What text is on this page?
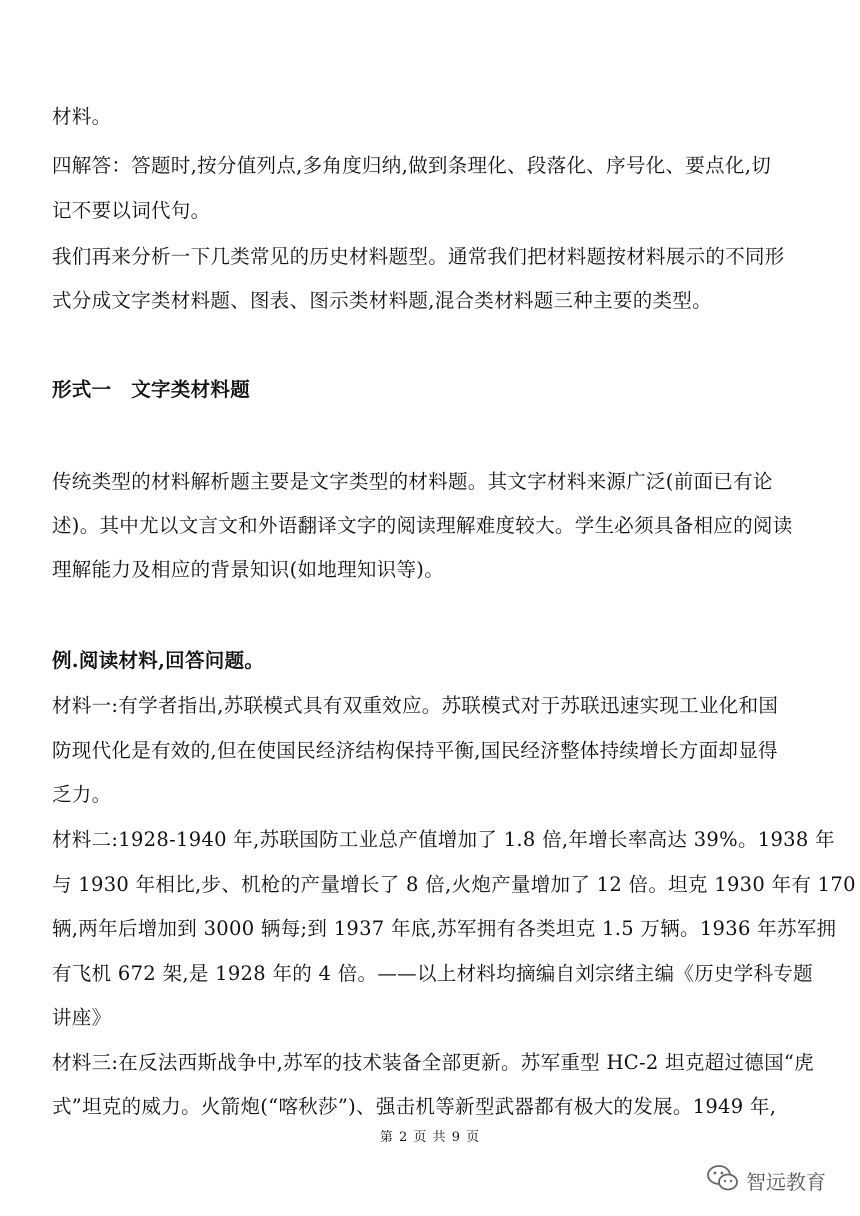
材料。
四解答：答题时,按分值列点,多角度归纳,做到条理化、段落化、序号化、要点化,切
记不要以词代句。
我们再来分析一下几类常见的历史材料题型。通常我们把材料题按材料展示的不同形
式分成文字类材料题、图表、图示类材料题,混合类材料题三种主要的类型。
形式一　文字类材料题
传统类型的材料解析题主要是文字类型的材料题。其文字材料来源广泛(前面已有论
述)。其中尤以文言文和外语翻译文字的阅读理解难度较大。学生必须具备相应的阅读
理解能力及相应的背景知识(如地理知识等)。
例.阅读材料,回答问题。
材料一:有学者指出,苏联模式具有双重效应。苏联模式对于苏联迅速实现工业化和国
防现代化是有效的,但在使国民经济结构保持平衡,国民经济整体持续增长方面却显得
乏力。
材料二:1928-1940 年,苏联国防工业总产值增加了 1.8 倍,年增长率高达 39%。1938 年
与 1930 年相比,步、机枪的产量增长了 8 倍,火炮产量增加了 12 倍。坦克 1930 年有 170
辆,两年后增加到 3000 辆每;到 1937 年底,苏军拥有各类坦克 1.5 万辆。1936 年苏军拥
有飞机 672 架,是 1928 年的 4 倍。——以上材料均摘编自刘宗绪主编《历史学科专题
讲座》
材料三:在反法西斯战争中,苏军的技术装备全部更新。苏军重型 HC-2 坦克超过德国“虎
式”坦克的威力。火箭炮(“喀秋莎”)、强击机等新型武器都有极大的发展。1949 年,
第 2 页 共 9 页
智远教育
